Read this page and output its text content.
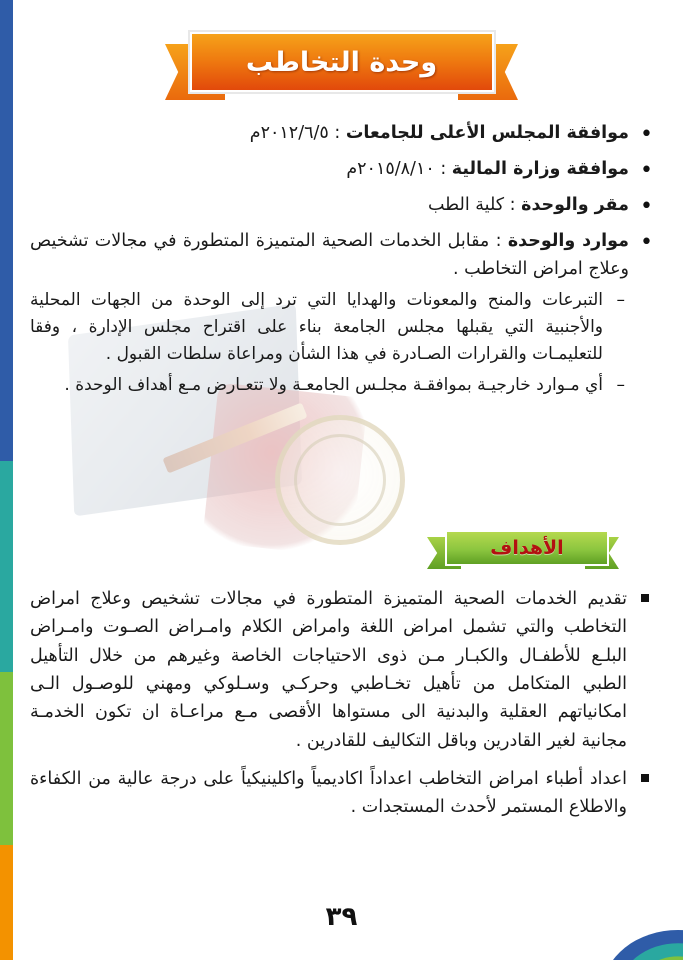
وحدة التخاطب
• موافقة المجلس الأعلى للجامعات : ٢٠١٢/٦/٥م
• موافقة وزارة المالية : ٢٠١٥/٨/١٠م
• مقر والوحدة : كلية الطب
• موارد والوحدة : مقابل الخدمات الصحية المتميزة المتطورة في مجالات تشخيص وعلاج امراض التخاطب .
– التبرعات والمنح والمعونات والهدايا التي ترد إلى الوحدة من الجهات المحلية والأجنبية التي يقبلها مجلس الجامعة بناء على اقتراح مجلس الإدارة ، وفقا للتعليمـات والقرارات الصـادرة في هذا الشأن ومراعاة سلطات القبول .
– أي مـوارد خارجيـة بموافقـة مجلـس الجامعـة ولا تتعـارض مـع أهداف الوحدة .
الأهداف
تقديم الخدمات الصحية المتميزة المتطورة في مجالات تشخيص وعلاج امراض التخاطب والتي تشمل امراض اللغة وامراض الكلام وامـراض الصـوت وامـراض البلـع للأطفـال والكبـار مـن ذوى الاحتياجات الخاصة وغيرهم من خلال التأهيل الطبي المتكامل من تأهيل تخـاطبي وحركـي وسـلوكي ومهني للوصـول الـى امكانياتهم العقلية والبدنية الى مستواها الأقصى مـع مراعـاة ان تكون الخدمـة مجانية لغير القادرين وباقل التكاليف للقادرين .
اعداد أطباء امراض التخاطب اعداداً اكاديمياً واكلينيكياً على درجة عالية من الكفاءة والاطلاع المستمر لأحدث المستجدات .
٣٩
